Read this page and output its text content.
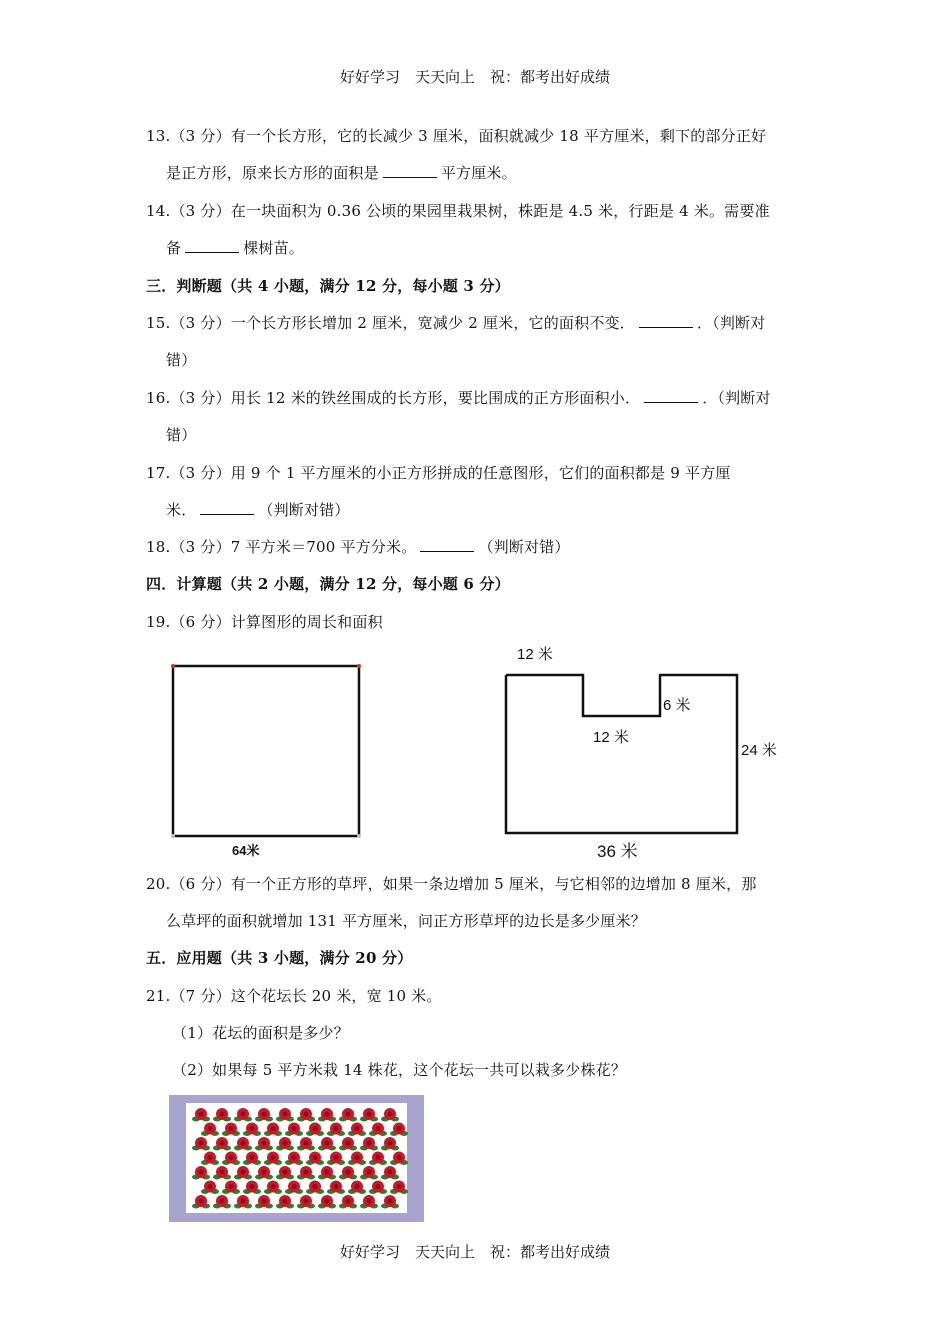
好好学习　天天向上　祝：都考出好成绩
13.（3 分）有一个长方形，它的长减少 3 厘米，面积就减少 18 平方厘米，剩下的部分正好
是正方形，原来长方形的面积是	平方厘米。
14.（3 分）在一块面积为 0.36 公顷的果园里栽果树，株距是 4.5 米，行距是 4 米。需要准
备	棵树苗。
三．判断题（共 4 小题，满分 12 分，每小题 3 分）
15.（3 分）一个长方形长增加 2 厘米，宽减少 2 厘米，它的面积不变．	．（判断对
错）
16.（3 分）用长 12 米的铁丝围成的长方形，要比围成的正方形面积小．	．（判断对
错）
17.（3 分）用 9 个 1 平方厘米的小正方形拼成的任意图形，它们的面积都是 9 平方厘
米．	（判断对错）
18.（3 分）7 平方米＝700 平方分米。	（判断对错）
四．计算题（共 2 小题，满分 12 分，每小题 6 分）
19.（6 分）计算图形的周长和面积
64米
12 米
6 米
12 米
24 米
36 米
20.（6 分）有一个正方形的草坪，如果一条边增加 5 厘米，与它相邻的边增加 8 厘米，那
么草坪的面积就增加 131 平方厘米，问正方形草坪的边长是多少厘米？
五．应用题（共 3 小题，满分 20 分）
21.（7 分）这个花坛长 20 米，宽 10 米。
（1）花坛的面积是多少？
（2）如果每 5 平方米栽 14 株花，这个花坛一共可以栽多少株花？
好好学习　天天向上　祝：都考出好成绩
